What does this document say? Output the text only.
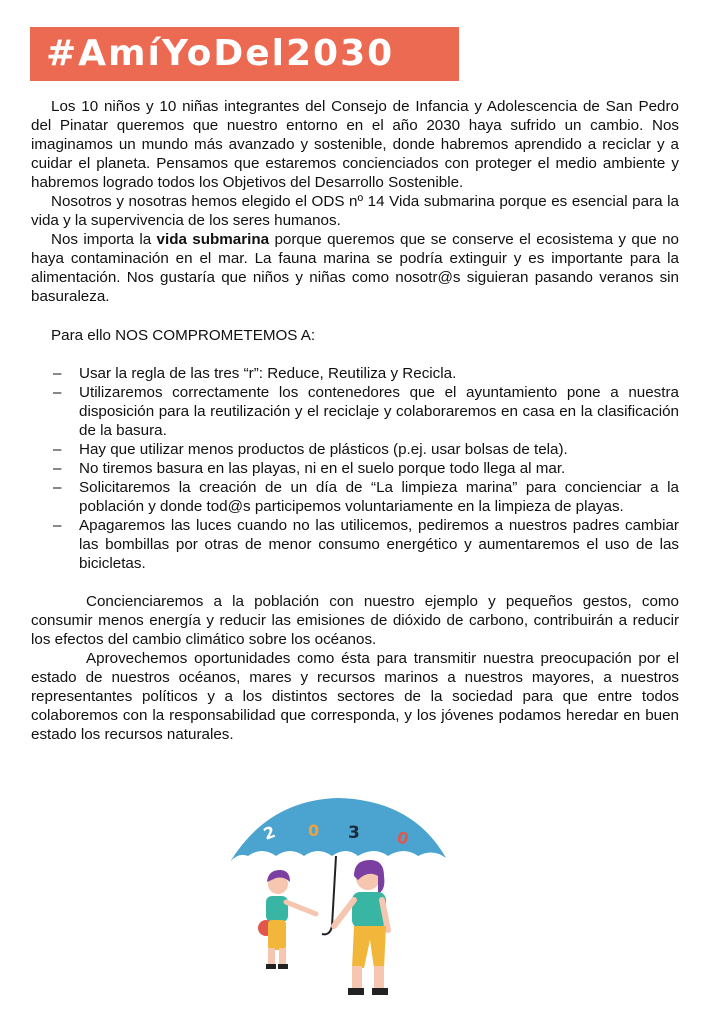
#AmíYoDel2030

Los 10 niños y 10 niñas integrantes del Consejo de Infancia y Adolescencia de San Pedro del Pinatar queremos que nuestro entorno en el año 2030 haya sufrido un cambio. Nos imaginamos un mundo más avanzado y sostenible, donde habremos aprendido a reciclar y a cuidar el planeta. Pensamos que estaremos concienciados con proteger el medio ambiente y habremos logrado todos los Objetivos del Desarrollo Sostenible.

Nosotros y nosotras hemos elegido el ODS nº 14 Vida submarina porque es esencial para la vida y la supervivencia de los seres humanos.

Nos importa la vida submarina porque queremos que se conserve el ecosistema y que no haya contaminación en el mar. La fauna marina se podría extinguir y es importante para la alimentación. Nos gustaría que niños y niñas como nosotr@s siguieran pasando veranos sin basuraleza.

Para ello NOS COMPROMETEMOS A:

– Usar la regla de las tres “r”: Reduce, Reutiliza y Recicla.
– Utilizaremos correctamente los contenedores que el ayuntamiento pone a nuestra disposición para la reutilización y el reciclaje y colaboraremos en casa en la clasificación de la basura.
– Hay que utilizar menos productos de plásticos (p.ej. usar bolsas de tela).
– No tiremos basura en las playas, ni en el suelo porque todo llega al mar.
– Solicitaremos la creación de un día de “La limpieza marina” para concienciar a la población y donde tod@s participemos voluntariamente en la limpieza de playas.
– Apagaremos las luces cuando no las utilicemos, pediremos a nuestros padres cambiar las bombillas por otras de menor consumo energético y aumentaremos el uso de las bicicletas.

Concienciaremos a la población con nuestro ejemplo y pequeños gestos, como consumir menos energía y reducir las emisiones de dióxido de carbono, contribuirán a reducir los efectos del cambio climático sobre los océanos.

Aprovechemos oportunidades como ésta para transmitir nuestra preocupación por el estado de nuestros océanos, mares y recursos marinos a nuestros mayores, a nuestros representantes políticos y a los distintos sectores de la sociedad para que entre todos colaboremos con la responsabilidad que corresponda, y los jóvenes podamos heredar en buen estado los recursos naturales.

2 0 3 0
